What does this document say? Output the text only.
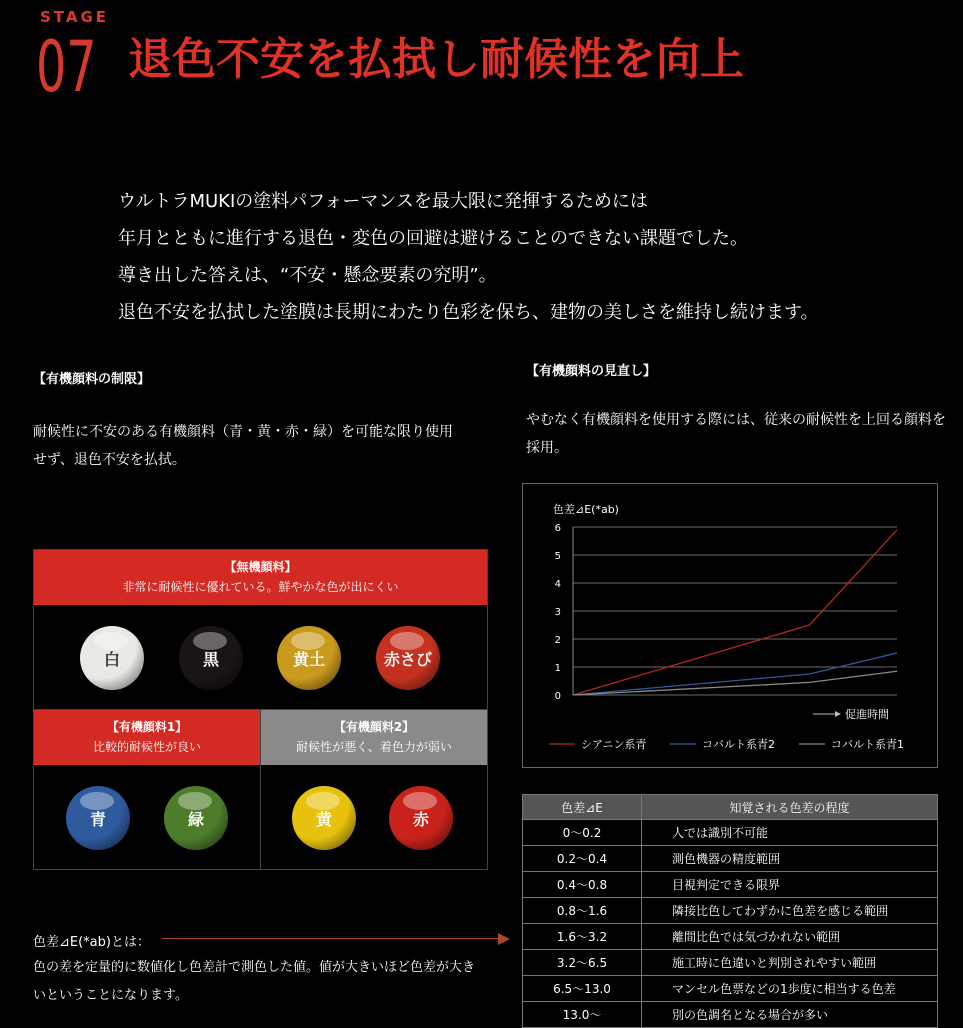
STAGE
07 退色不安を払拭し耐候性を向上
ウルトラMUKIの塗料パフォーマンスを最大限に発揮するためには
年月とともに進行する退色・変色の回避は避けることのできない課題でした。
導き出した答えは、“不安・懸念要素の究明”。
退色不安を払拭した塗膜は長期にわたり色彩を保ち、建物の美しさを維持し続けます。
【有機顔料の制限】
耐候性に不安のある有機顔料（青・黄・赤・緑）を可能な限り使用
せず、退色不安を払拭。
【有機顔料の見直し】
やむなく有機顔料を使用する際には、従来の耐候性を上回る顔料を
採用。
【無機顔料】
非常に耐候性に優れている。鮮やかな色が出にくい
【有機顔料1】
比較的耐候性が良い
【有機顔料2】
耐候性が悪く、着色力が弱い
白	黒	黄土	赤さび
青	緑	黄	赤
色差⊿E(*ab)
0
1
2
3
4
5
6
促進時間
シアニン系青	コバルト系青2	コバルト系青1
色差⊿E	知覚される色差の程度
0〜0.2	人では識別不可能
0.2〜0.4	測色機器の精度範囲
0.4〜0.8	目視判定できる限界
0.8〜1.6	隣接比色してわずかに色差を感じる範囲
1.6〜3.2	離間比色では気づかれない範囲
3.2〜6.5	施工時に色違いと判別されやすい範囲
6.5〜13.0	マンセル色票などの1歩度に相当する色差
13.0〜	別の色調名となる場合が多い
色差⊿E(*ab)とは：
色の差を定量的に数値化し色差計で測色した値。値が大きいほど色差が大き
いということになります。
